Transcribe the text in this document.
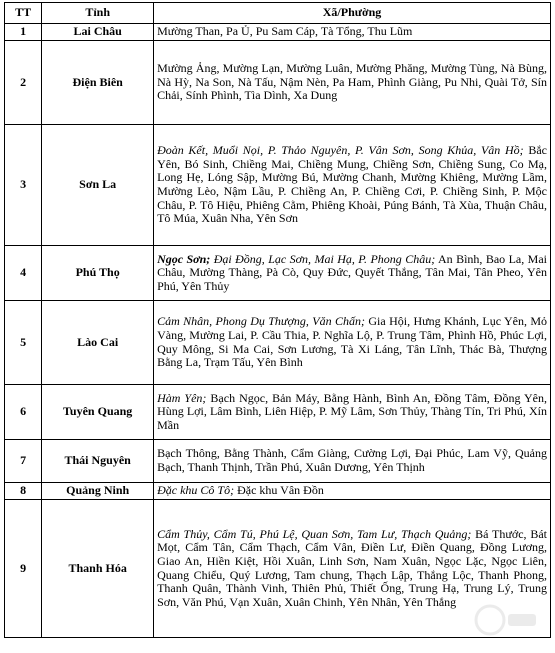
TT	Tỉnh	Xã/Phường
1	Lai Châu	Mường Than, Pa Ủ, Pu Sam Cáp, Tà Tổng, Thu Lũm
2	Điện Biên	Mường Ảng, Mường Lạn, Mường Luân, Mường Phăng, Mường Tùng, Nà Bùng, Nà Hỳ, Na Son, Nà Tấu, Nậm Nèn, Pa Ham, Phình Giàng, Pu Nhi, Quài Tở, Sín Chải, Sính Phình, Tìa Dình, Xa Dung
3	Sơn La	Đoàn Kết, Muổi Nọi, P. Thảo Nguyên, P. Vân Sơn, Song Khủa, Vân Hồ; Bắc Yên, Bó Sinh, Chiềng Mai, Chiềng Mung, Chiềng Sơn, Chiềng Sung, Co Mạ, Long Hẹ, Lóng Sập, Mường Bú, Mường Chanh, Mường Khiêng, Mường Lầm, Mường Lèo, Nậm Lầu, P. Chiềng An, P. Chiềng Cơi, P. Chiềng Sinh, P. Mộc Châu, P. Tô Hiệu, Phiêng Cằm, Phiêng Khoài, Púng Bánh, Tà Xùa, Thuận Châu, Tô Múa, Xuân Nha, Yên Sơn
4	Phú Thọ	Ngọc Sơn; Đại Đồng, Lạc Sơn, Mai Hạ, P. Phong Châu; An Bình, Bao La, Mai Châu, Mường Thàng, Pà Cò, Quy Đức, Quyết Thắng, Tân Mai, Tân Pheo, Yên Phú, Yên Thủy
5	Lào Cai	Cảm Nhân, Phong Dụ Thượng, Văn Chấn; Gia Hội, Hưng Khánh, Lục Yên, Mỏ Vàng, Mường Lai, P. Cầu Thia, P. Nghĩa Lộ, P. Trung Tâm, Phình Hồ, Phúc Lợi, Quy Mông, Si Ma Cai, Sơn Lương, Tà Xi Láng, Tân Lĩnh, Thác Bà, Thượng Bằng La, Trạm Tấu, Yên Bình
6	Tuyên Quang	Hàm Yên; Bạch Ngọc, Bản Máy, Bằng Hành, Bình An, Đồng Tâm, Đồng Yên, Hùng Lợi, Lâm Bình, Liên Hiệp, P. Mỹ Lâm, Sơn Thủy, Thàng Tín, Tri Phú, Xín Mần
7	Thái Nguyên	Bạch Thông, Bằng Thành, Cẩm Giàng, Cường Lợi, Đại Phúc, Lam Vỹ, Quảng Bạch, Thanh Thịnh, Trần Phú, Xuân Dương, Yên Thịnh
8	Quảng Ninh	Đặc khu Cô Tô; Đặc khu Vân Đồn
9	Thanh Hóa	Cẩm Thủy, Cẩm Tú, Phú Lệ, Quan Sơn, Tam Lư, Thạch Quảng; Bá Thước, Bát Mọt, Cẩm Tân, Cẩm Thạch, Cẩm Vân, Điền Lư, Điền Quang, Đồng Lương, Giao An, Hiền Kiệt, Hồi Xuân, Linh Sơn, Nam Xuân, Ngọc Lặc, Ngọc Liên, Quang Chiểu, Quý Lương, Tam chung, Thạch Lập, Thắng Lộc, Thanh Phong, Thanh Quân, Thành Vinh, Thiên Phủ, Thiết Ống, Trung Hạ, Trung Lý, Trung Sơn, Văn Phú, Vạn Xuân, Xuân Chinh, Yên Nhân, Yên Thắng
